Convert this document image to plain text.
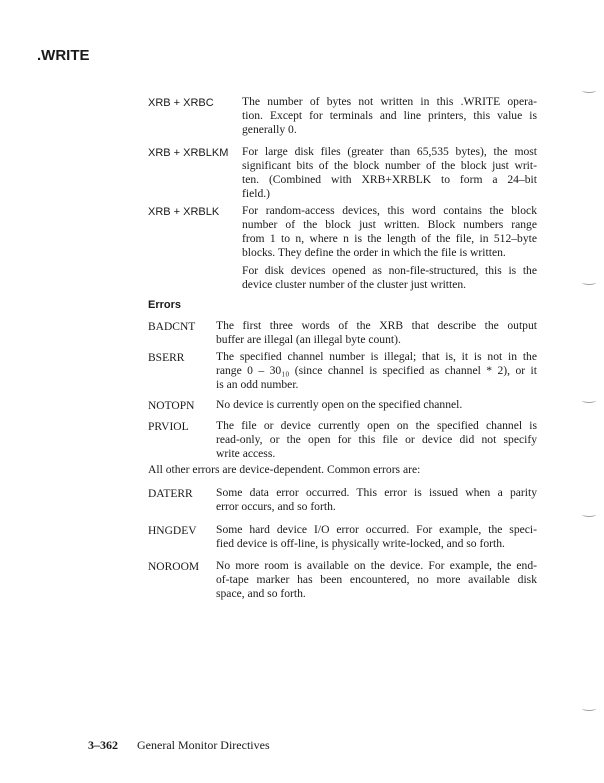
.WRITE
XRB + XRBC The number of bytes not written in this .WRITE opera-
tion. Except for terminals and line printers, this value is
generally 0.
XRB + XRBLKM For large disk files (greater than 65,535 bytes), the most
significant bits of the block number of the block just writ-
ten. (Combined with XRB+XRBLK to form a 24–bit
field.)
XRB + XRBLK For random-access devices, this word contains the block
number of the block just written. Block numbers range
from 1 to n, where n is the length of the file, in 512–byte
blocks. They define the order in which the file is written.
For disk devices opened as non-file-structured, this is the
device cluster number of the cluster just written.
Errors
BADCNT The first three words of the XRB that describe the output
buffer are illegal (an illegal byte count).
BSERR	The specified channel number is illegal; that is, it is not in the
range 0 – 30₁₀ (since channel is specified as channel * 2), or it
is an odd number.
NOTOPN No device is currently open on the specified channel.
PRVIOL The file or device currently open on the specified channel is
read-only, or the open for this file or device did not specify
write access.
All other errors are device-dependent. Common errors are:
DATERR Some data error occurred. This error is issued when a parity
error occurs, and so forth.
HNGDEV Some hard device I/O error occurred. For example, the speci-
fied device is off-line, is physically write-locked, and so forth.
NOROOM No more room is available on the device. For example, the end-
of-tape marker has been encountered, no more available disk
space, and so forth.
3–362 General Monitor Directives
